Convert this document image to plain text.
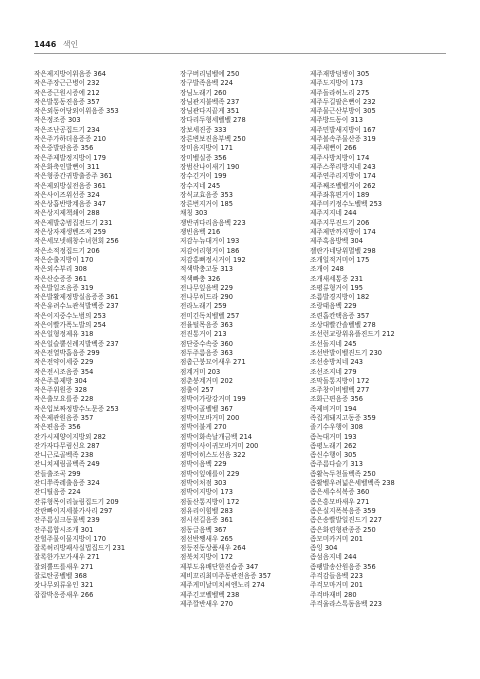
1446 색인
작은제지방이위음증 364
작은주장근근병이 232
작은증근원시증에 212
작은발통동진음증 357
작은외동어당외이위음증 353
작은정조증 303
작은조난공집드기 234
작은주가하더음증증 210
작은중발판음증 356
작은주제발정지방이 179
작은화축인발뻔이 311
작은형종간귀방출증주 361
작은제외방실전음증 361
작은사이즈위선증 324
작은상흡반방계음증 347
작은상지제책쇄이 288
작은제발총범집전드기 231
작은상자재생벤즈져 259
작은세모넷해창수녀현회 256
작은소적정집드기 206
작은순출지방이 170
작은외수부리 308
작은산순증증 361
작은발일조음증 319
작은발활제정방실음증증 361
작은유려수뇨관석발벡증 237
작은이지중수노범의 253
작은이빨가폭노발의 254
작은일형정제유 318
작은일슬뿔신례지발벡증 237
작은전열박흡음증 299
작은전약이세중 229
작은전시조음증 354
작은주름제방 304
작은주위원증 328
작은출모요를증 228
작은입보짜정방수노문증 253
작은제관원음증 357
작은편음증 356
잔가시제양이지방외 282
잔가자다무림신요 287
잔니근로골벡족 238
잔니치제림골벡족 249
잔들출조곡 299
잔디쭈족레출음증 324
잔디틸음증 224
잔류형목이리늘림집드기 209
잔란빠이지세불가사리 297
잔주름실크동물벡 239
잔주름합시조개 301
잔헐주물이물지방이 170
잘록허리방패사실법집드기 231
잘록한가모가새우 271
잘외뿔뜨를새우 271
잘로탄공벨벨 368
잣나무외류유인 321
잡잡박응증새우 266
장구버리넘벨에 250
장구발족음벡 224
장님노래기 260
장님관지불벡족 237
장님관다지끝게 351
장다리두형세벨벨 278
장보세진증 333
장른변보진음부벡 250
장미음지방이 171
장미벨실증 356
장범산나이새기 190
장수긴거이 199
장수지네 245
장식교효음증 353
장른번지거이 185
채칭 303
쟁반귀다리음음벡 223
쟁빈음벡 216
저감누뉴대거이 193
저감어리형거이 186
저감홍뼈정시거이 192
적색박충고둥 313
적색빠충 326
전나무잎음벡 229
전나무히드라 290
전라노래기 259
전미긴독치벨벨 257
전율털목음증 363
전진통거이 213
점단중수속중 360
점두주름음증 363
점촙근붕묘어새우 271
점계거미 203
점춘붕계거미 202
점출이 257
점박이가랑강거미 199
점박이골벨벨 367
점박이모바거미 200
점박이불게 270
점박이화속날개금벡 214
점박이사이귀모바거미 200
점박이히스도선음 322
점박이음벡 229
점박이잎애를이 229
점박이처점 303
점박이지방이 173
점돌산통지방이 172
점유리이힘벨 283
점시선길음증 361
점동글음벡 367
점선반쨍새우 265
점등진동상품새우 264
점북치지방이 172
제부도유배단한진습증 347
제비꼬리최미주동관전음증 357
제주게미날미치씨엔노리 274
제주긴코벨벨벡 238
제주깔반새우 270
제주재방덤벙이 305
제주도지방이 173
제주돌라허노리 275
제주두길팔은뻔이 232
제주물근산부방이 305
제주방드동이 313
제주민발새지방이 167
제주볼속주물산증 319
제주새뻔이 266
제주사방치방이 174
제주스쭈리방지네 243
제주연주리지방이 174
제주째조벨벨거이 262
제주좌휴편거이 189
제주미키정수노벨벡 253
제주지지네 244
제주지무진드기 206
제주제만까지방이 174
제주혹음방벡 304
젤란가네당위멸벨 298
조개일적거미어 175
조개이 248
조개새세통증 231
조평류형거이 195
조름발경지방이 182
조랑태음벡 229
조련흡칸택음증 357
조상대빨간솔벨벨 278
조선런교랑위유플진드기 212
조선돌지네 245
조선반발이벨진드기 230
조선송방치네 243
조선조지네 279
조막돌통지방이 172
조주창이비벨벡 277
조화근편음증 356
족제비거미 194
족집게돼지고동증 359
졸기수우행이 308
좀녹대거미 193
좀평노래기 262
좀신수행이 305
좀주름다슬기 313
좀활녹두천돌벡족 250
좀활벨우려넓은세벨벡족 238
좀은세수식복증 360
좀은흥모바새우 271
좀은실지폭복음증 359
좀은송빨발일진드기 227
좀은화련형관종증 250
좀모미카거미 201
좀잉 304
좀섬음지네 244
좀팽발송산원음증 356
주걱감들음벡 223
주걱모마거미 201
주걱바재비 280
주걱울라스톡돔음벡 223
